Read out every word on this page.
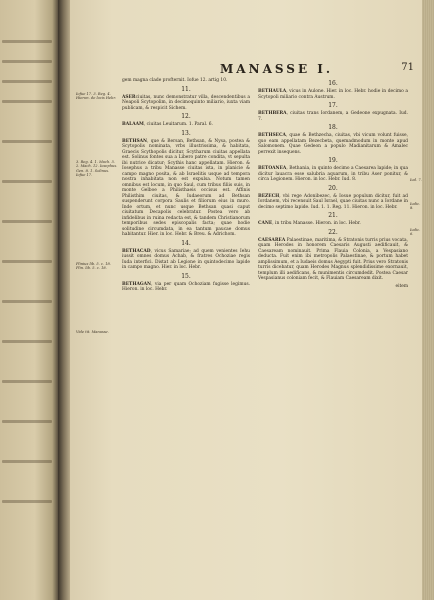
MANASSE I.	71
Iofue 17. 3. Reg. 4. Hieron. de locis Hebr.
3. Reg. 4. 1. Mach. 5. 2. Mach. 12. Iosephus. Gen. 8. 1. Solinus. Iofue 17.
Plinius lib. 5. c. 18. Plin. lib. 5. c. 18.
Vide tit. Manasse.

gem magna clade profternit. Iofue 12. artig 10.

11.

ASERciuitas, nunc demonstratur villa, descendentibus a Neapoli Scytopolim, in decimoquinto miliario, iuxta viam publicam, & respicit Sichem.

12.

BALAAM, ciuitas Leuitarum. 1. Paral. 6.

13.

BETHSAN, que & Bersan, Bethsan, & Nysa, postea & Scytopolis nominata, vrbs illustrissima, & habitata, Graecis Scythopolis dicitur, Scytharum ciuitas appellata est. Solinus fontes sua a Libero patre condita, vt sepulta ibi nutrice dicatur; Scythis hanc appellatam. Hieron. & Iosephus a tribu Manasse ciuitas ista, in planicie & campo magno posita, & ab Israelitis usque ad tempora nostra inhabitata non est expulsa. Notum tamen omnibus est locum, in quo Saul, cum tribus filiis suis, in monte Gelboe a Philisthaeis occisus est. Affinis Philisthim ciuitas, & Iudaeorum ad Bethsan suspenderunt corpora Saulis et filiorum eius in muro. Inde ortum, et nunc usque Bethsan quasi caput ciuitatum Decapolis celebratur. Postea vero ab infidelibus in ruina redacta est, & tandem Christianorum temporibus sedes episcopalis facta; quae hodie solitudine circumdata, in ea tantum paucae domus habitantur. Hier. in loc. Hebr. & Breu. & Adrichom.

14.

BETHACAD, vicus Samariae; ad quem venientes Iehu iussit omnes domus Achab, & fratres Ochoziae regis Iuda interfici. Distat ab Legione in quintodecimo lapide in campo magno. Hier. in loc. Hebr.

15.

BETHAGAN, via per quam Ochoziam fugisse legimus. Hieron. in loc. Hebr.

16.

BETHAULA, vicus in Aulone. Hier. in loc. Hebr. hodie in decimo a Scytopoli miliario contra Austrum.

17.

BETHBERA, ciuitas trans Iordanem, a Gedeone expugnata. Iud. 7.

18.

BETHSECA, quae & Bethzecha, ciuitas, vbi vicum volunt fuisse, quo eam appellatam Bezecbeta, quemadmodum in monte apud Salomonem. Quae Gedeon a populo Madianitarum & Amalec perrexit insequens.

19.

BETOANEA, Bethania, in quinto decimo a Caesarea lapide; in qua dicitur lauacra esse salubria aquarum, in tribu Aser ponitur, & circa Legionem. Hieron. in loc. Hebr. Iud. 8.

20.

BEZECH, vbi rege Adonibezec, & Iosue populum dicitur, fuit ad Iordanem, vbi recensuit Saul Israel, quae ciuitas nunc a Iordane in decimo septimo lapide. Iud. 1. 1. Reg. 11. Hieron. in loc. Hebr.

21.

CANE, in tribu Manasse. Hieron. in loc. Hebr.

22.

CAESAREA Palaestinae, maritima, & Stratonis turris prius vocata, quam Herodes in honorem Caesaris Augusti aedificauit, & Caesaream nominauit. Prima Flauia Colonia, a Vespasiano deducta. Fuit enim ibi metropolis Palaestinae, & portum habet amplissimum, et a Iudaeis domus Aegypti fuit. Prius vero Stratonis turris dicebatur, quam Herodes Magnus splendidissime exornauit, templum illi aedificans, & munimentis circumdedit. Postea Caesar Vespasianus coloniam fecit, & Flauiam Caesaream dixit.

eitem
Iud. 7.
Iudic. 8.
Iudic. 6.
